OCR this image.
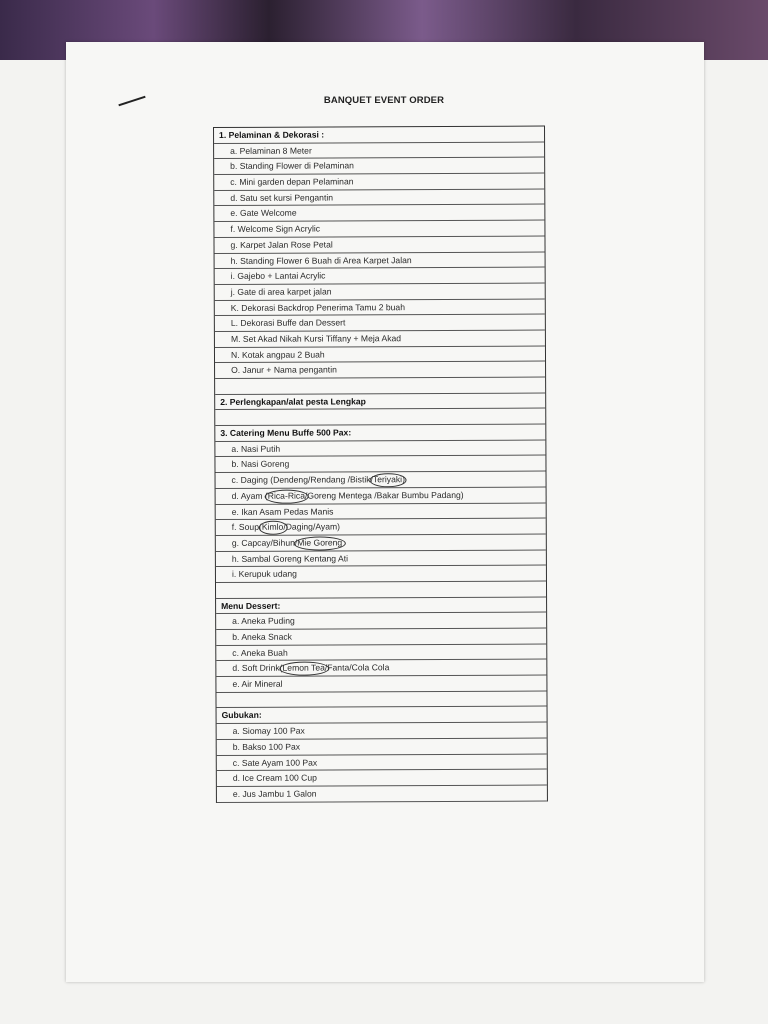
BANQUET EVENT ORDER
1. Pelaminan & Dekorasi :
a. Pelaminan 8 Meter
b. Standing Flower di Pelaminan
c. Mini garden depan Pelaminan
d. Satu set kursi Pengantin
e. Gate Welcome
f. Welcome Sign Acrylic
g. Karpet Jalan Rose Petal
h. Standing Flower 6 Buah di Area Karpet Jalan
i. Gajebo + Lantai Acrylic
j. Gate di area karpet jalan
K. Dekorasi Backdrop Penerima Tamu 2 buah
L. Dekorasi Buffe dan Dessert
M. Set Akad Nikah Kursi Tiffany + Meja Akad
N. Kotak angpau 2 Buah
O. Janur + Nama pengantin
2. Perlengkapan/alat pesta Lengkap
3. Catering Menu Buffe 500 Pax:
a. Nasi Putih
b. Nasi Goreng
c. Daging (Dendeng/Rendang /Bistik/Teriyaki)
d. Ayam (Rica-Rica/Goreng Mentega /Bakar Bumbu Padang)
e. Ikan Asam Pedas Manis
f. Soup(Kimlo/Daging/Ayam)
g. Capcay/Bihun/Mie Goreng
h. Sambal Goreng Kentang Ati
i. Kerupuk udang
Menu Dessert:
a. Aneka Puding
b. Aneka Snack
c. Aneka Buah
d. Soft Drink(Lemon Tea/Fanta/Cola Cola
e. Air Mineral
Gubukan:
a. Siomay 100 Pax
b. Bakso 100 Pax
c. Sate Ayam 100 Pax
d. Ice Cream 100 Cup
e. Jus Jambu 1 Galon
